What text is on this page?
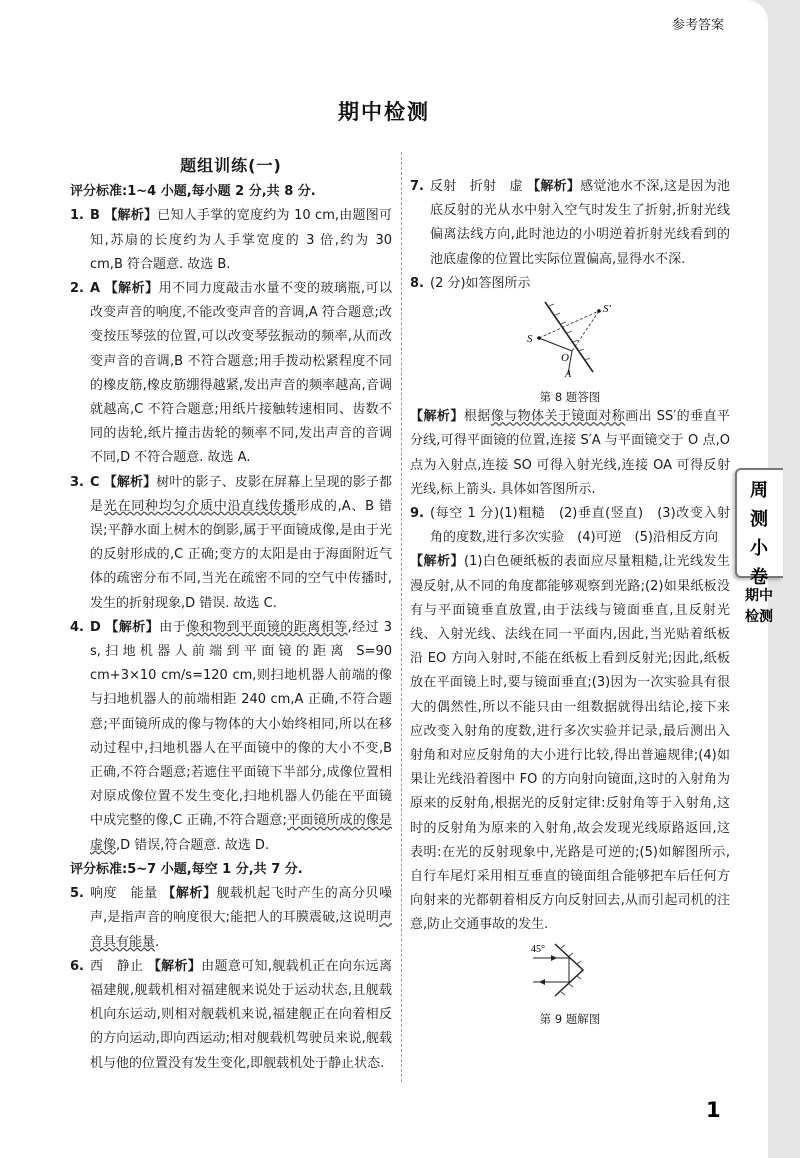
参考答案
期中检测
题组训练(一)
评分标准:1~4 小题,每小题 2 分,共 8 分.
1. B 【解析】已知人手掌的宽度约为 10 cm,由题图可知,苏扇的长度约为人手掌宽度的 3 倍,约为 30 cm,B 符合题意. 故选 B.
2. A 【解析】用不同力度敲击水量不变的玻璃瓶,可以改变声音的响度,不能改变声音的音调,A 符合题意;改变按压琴弦的位置,可以改变琴弦振动的频率,从而改变声音的音调,B 不符合题意;用手拨动松紧程度不同的橡皮筋,橡皮筋绷得越紧,发出声音的频率越高,音调就越高,C 不符合题意;用纸片接触转速相同、齿数不同的齿轮,纸片撞击齿轮的频率不同,发出声音的音调不同,D 不符合题意. 故选 A.
3. C 【解析】树叶的影子、皮影在屏幕上呈现的影子都是光在同种均匀介质中沿直线传播形成的,A、B 错误;平静水面上树木的倒影,属于平面镜成像,是由于光的反射形成的,C 正确;变方的太阳是由于海面附近气体的疏密分布不同,当光在疏密不同的空气中传播时,发生的折射现象,D 错误. 故选 C.
4. D 【解析】由于像和物到平面镜的距离相等,经过 3 s,扫地机器人前端到平面镜的距离 S=90 cm+3×10 cm/s=120 cm,则扫地机器人前端的像与扫地机器人的前端相距 240 cm,A 正确,不符合题意;平面镜所成的像与物体的大小始终相同,所以在移动过程中,扫地机器人在平面镜中的像的大小不变,B 正确,不符合题意;若遮住平面镜下半部分,成像位置相对原成像位置不发生变化,扫地机器人仍能在平面镜中成完整的像,C 正确,不符合题意;平面镜所成的像是虚像,D 错误,符合题意. 故选 D.
评分标准:5~7 小题,每空 1 分,共 7 分.
5. 响度　能量 【解析】舰载机起飞时产生的高分贝噪声,是指声音的响度很大;能把人的耳膜震破,这说明声音具有能量.
6. 西　静止 【解析】由题意可知,舰载机正在向东远离福建舰,舰载机相对福建舰来说处于运动状态,且舰载机向东运动,则相对舰载机来说,福建舰正在向着相反的方向运动,即向西运动;相对舰载机驾驶员来说,舰载机与他的位置没有发生变化,即舰载机处于静止状态.
7. 反射　折射　虚 【解析】感觉池水不深,这是因为池底反射的光从水中射入空气时发生了折射,折射光线偏离法线方向,此时池边的小明逆着折射光线看到的池底虚像的位置比实际位置偏高,显得水不深.
8. (2 分)如答图所示
S
S′
O
A
第 8 题答图
【解析】根据像与物体关于镜面对称画出 SS′的垂直平分线,可得平面镜的位置,连接 S′A 与平面镜交于 O 点,O 点为入射点,连接 SO 可得入射光线,连接 OA 可得反射光线,标上箭头. 具体如答图所示.
9. (每空 1 分)(1)粗糙　(2)垂直(竖直)　(3)改变入射角的度数,进行多次实验　(4)可逆　(5)沿相反方向
【解析】(1)白色硬纸板的表面应尽量粗糙,让光线发生漫反射,从不同的角度都能够观察到光路;(2)如果纸板没有与平面镜垂直放置,由于法线与镜面垂直,且反射光线、入射光线、法线在同一平面内,因此,当光贴着纸板沿 EO 方向入射时,不能在纸板上看到反射光;因此,纸板放在平面镜上时,要与镜面垂直;(3)因为一次实验具有很大的偶然性,所以不能只由一组数据就得出结论,接下来应改变入射角的度数,进行多次实验并记录,最后测出入射角和对应反射角的大小进行比较,得出普遍规律;(4)如果让光线沿着图中 FO 的方向射向镜面,这时的入射角为原来的反射角,根据光的反射定律:反射角等于入射角,这时的反射角为原来的入射角,故会发现光线原路返回,这表明:在光的反射现象中,光路是可逆的;(5)如解图所示,自行车尾灯采用相互垂直的镜面组合能够把车后任何方向射来的光都朝着相反方向反射回去,从而引起司机的注意,防止交通事故的发生.
45°
第 9 题解图
1
周测小卷
期中检测
